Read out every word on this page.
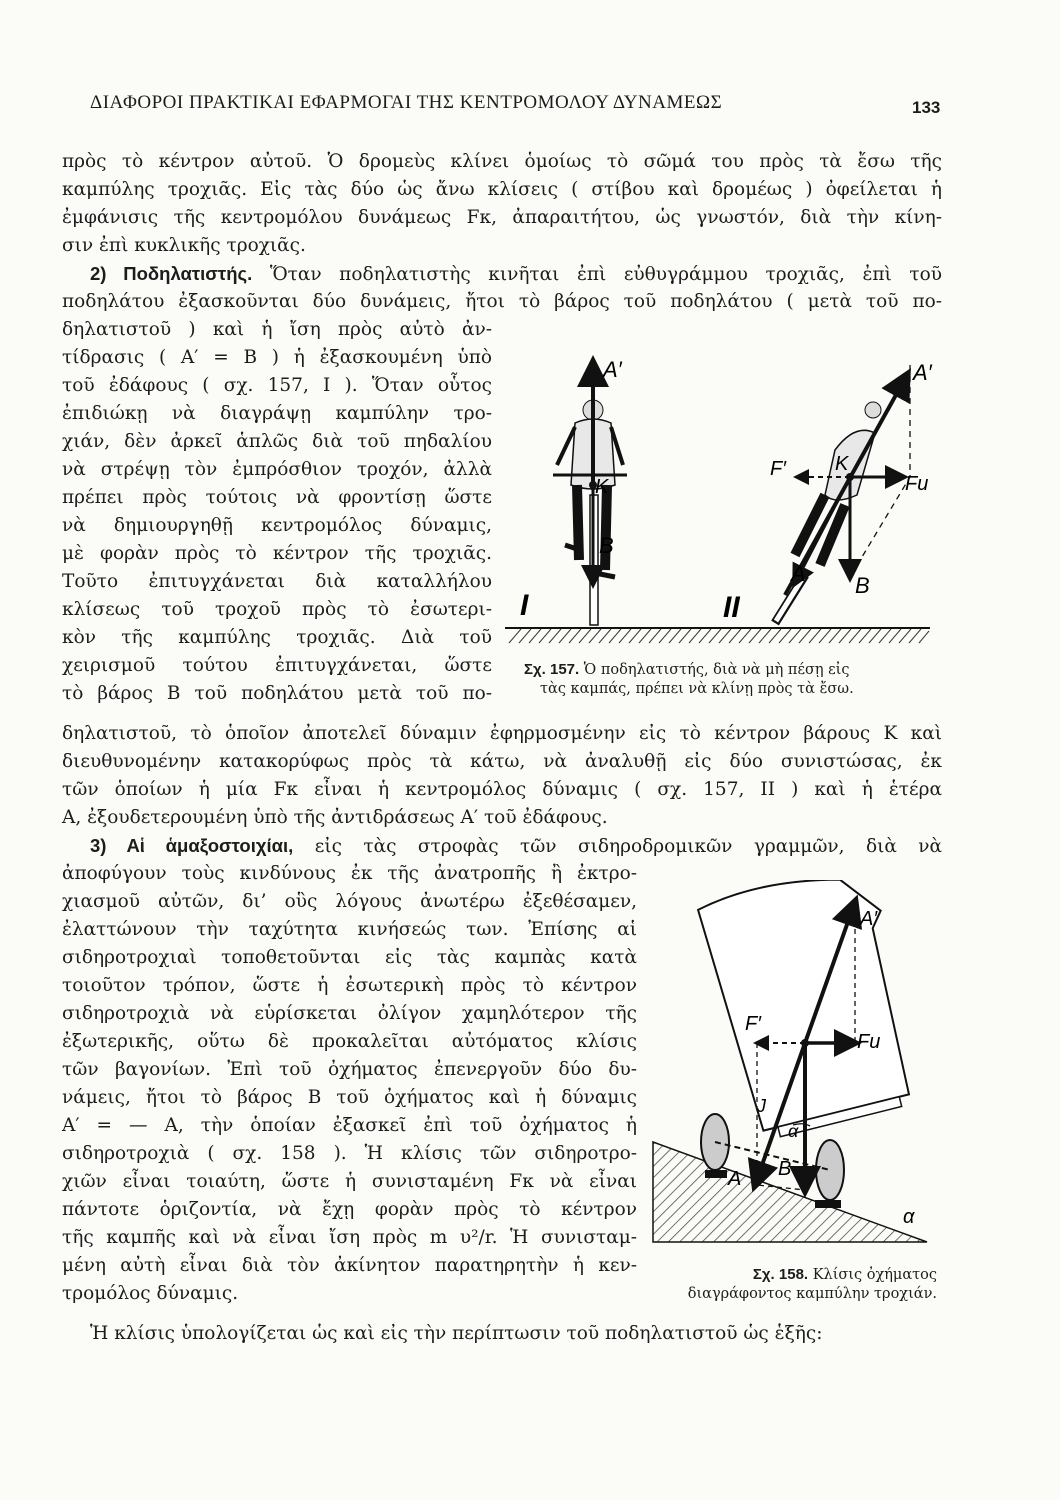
ΔΙΑΦΟΡΟΙ ΠΡΑΚΤΙΚΑΙ ΕΦΑΡΜΟΓΑΙ ΤΗΣ ΚΕΝΤΡΟΜΟΛΟΥ ΔΥΝΑΜΕΩΣ	133
πρὸς τὸ κέντρον αὐτοῦ. Ὁ δρομεὺς κλίνει ὁμοίως τὸ σῶμά του πρὸς τὰ ἔσω τῆς
καμπύλης τροχιᾶς. Εἰς τὰς δύο ὡς ἄνω κλίσεις ( στίβου καὶ δρομέως ) ὀφείλεται ἡ
ἐμφάνισις τῆς κεντρομόλου δυνάμεως Fκ, ἀπαραιτήτου, ὡς γνωστόν, διὰ τὴν κίνη-
σιν ἐπὶ κυκλικῆς τροχιᾶς.
2) Ποδηλατιστής. Ὅταν ποδηλατιστὴς κινῆται ἐπὶ εὐθυγράμμου τροχιᾶς, ἐπὶ τοῦ
ποδηλάτου ἐξασκοῦνται δύο δυνάμεις, ἤτοι τὸ βάρος τοῦ ποδηλάτου ( μετὰ τοῦ πο-
δηλατιστοῦ ) καὶ ἡ ἴση πρὸς αὐτὸ ἀν-
τίδρασις ( A′ = B ) ἡ ἐξασκουμένη ὑπὸ
τοῦ ἐδάφους ( σχ. 157, I ). Ὅταν οὗτος
ἐπιδιώκῃ νὰ διαγράψῃ καμπύλην τρο-
χιάν, δὲν ἀρκεῖ ἁπλῶς διὰ τοῦ πηδαλίου
νὰ στρέψῃ τὸν ἐμπρόσθιον τροχόν, ἀλλὰ
πρέπει πρὸς τούτοις νὰ φροντίσῃ ὥστε
νὰ δημιουργηθῇ κεντρομόλος δύναμις,
μὲ φορὰν πρὸς τὸ κέντρον τῆς τροχιᾶς.
Τοῦτο ἐπιτυγχάνεται διὰ καταλλήλου
κλίσεως τοῦ τροχοῦ πρὸς τὸ ἐσωτερι-
κὸν τῆς καμπύλης τροχιᾶς. Διὰ τοῦ
χειρισμοῦ τούτου ἐπιτυγχάνεται, ὥστε
τὸ βάρος B τοῦ ποδηλάτου μετὰ τοῦ πο-
δηλατιστοῦ, τὸ ὁποῖον ἀποτελεῖ δύναμιν ἐφηρμοσμένην εἰς τὸ κέντρον βάρους K καὶ
διευθυνομένην κατακορύφως πρὸς τὰ κάτω, νὰ ἀναλυθῇ εἰς δύο συνιστώσας, ἐκ
τῶν ὁποίων ἡ μία Fκ εἶναι ἡ κεντρομόλος δύναμις ( σχ. 157, II ) καὶ ἡ ἑτέρα
A, ἐξουδετερουμένη ὑπὸ τῆς ἀντιδράσεως A′ τοῦ ἐδάφους.
3) Αἱ ἁμαξοστοιχίαι, εἰς τὰς στροφὰς τῶν σιδηροδρομικῶν γραμμῶν, διὰ νὰ
ἀποφύγουν τοὺς κινδύνους ἐκ τῆς ἀνατροπῆς ἢ ἐκτρο-
χιασμοῦ αὐτῶν, δι’ οὓς λόγους ἀνωτέρω ἐξεθέσαμεν,
ἐλαττώνουν τὴν ταχύτητα κινήσεώς των. Ἐπίσης αἱ
σιδηροτροχιαὶ τοποθετοῦνται εἰς τὰς καμπὰς κατὰ
τοιοῦτον τρόπον, ὥστε ἡ ἐσωτερικὴ πρὸς τὸ κέντρον
σιδηροτροχιὰ νὰ εὑρίσκεται ὀλίγον χαμηλότερον τῆς
ἐξωτερικῆς, οὕτω δὲ προκαλεῖται αὐτόματος κλίσις
τῶν βαγονίων. Ἐπὶ τοῦ ὀχήματος ἐπενεργοῦν δύο δυ-
νάμεις, ἤτοι τὸ βάρος B τοῦ ὀχήματος καὶ ἡ δύναμις
A′ = — A, τὴν ὁποίαν ἐξασκεῖ ἐπὶ τοῦ ὀχήματος ἡ
σιδηροτροχιὰ ( σχ. 158 ). Ἡ κλίσις τῶν σιδηροτρο-
χιῶν εἶναι τοιαύτη, ὥστε ἡ συνισταμένη Fκ νὰ εἶναι
πάντοτε ὁριζοντία, νὰ ἔχῃ φορὰν πρὸς τὸ κέντρον
τῆς καμπῆς καὶ νὰ εἶναι ἴση πρὸς m υ²/r. Ἡ συνισταμ-
μένη αὐτὴ εἶναι διὰ τὸν ἀκίνητον παρατηρητὴν ἡ κεν-
τρομόλος δύναμις.
Ἡ κλίσις ὑπολογίζεται ὡς καὶ εἰς τὴν περίπτωσιν τοῦ ποδηλατιστοῦ ὡς ἑξῆς:
A′
K
B
I
A′
F′ K
Fu
A B
II
Σχ. 157. Ὁ ποδηλατιστής, διὰ νὰ μὴ πέσῃ εἰς
τὰς καμπάς, πρέπει νὰ κλίνῃ πρὸς τὰ ἔσω.
A′
F′
Fu
J
α
A B
α
Σχ. 158. Κλίσις ὀχήματος
διαγράφοντος καμπύλην τροχιάν.
